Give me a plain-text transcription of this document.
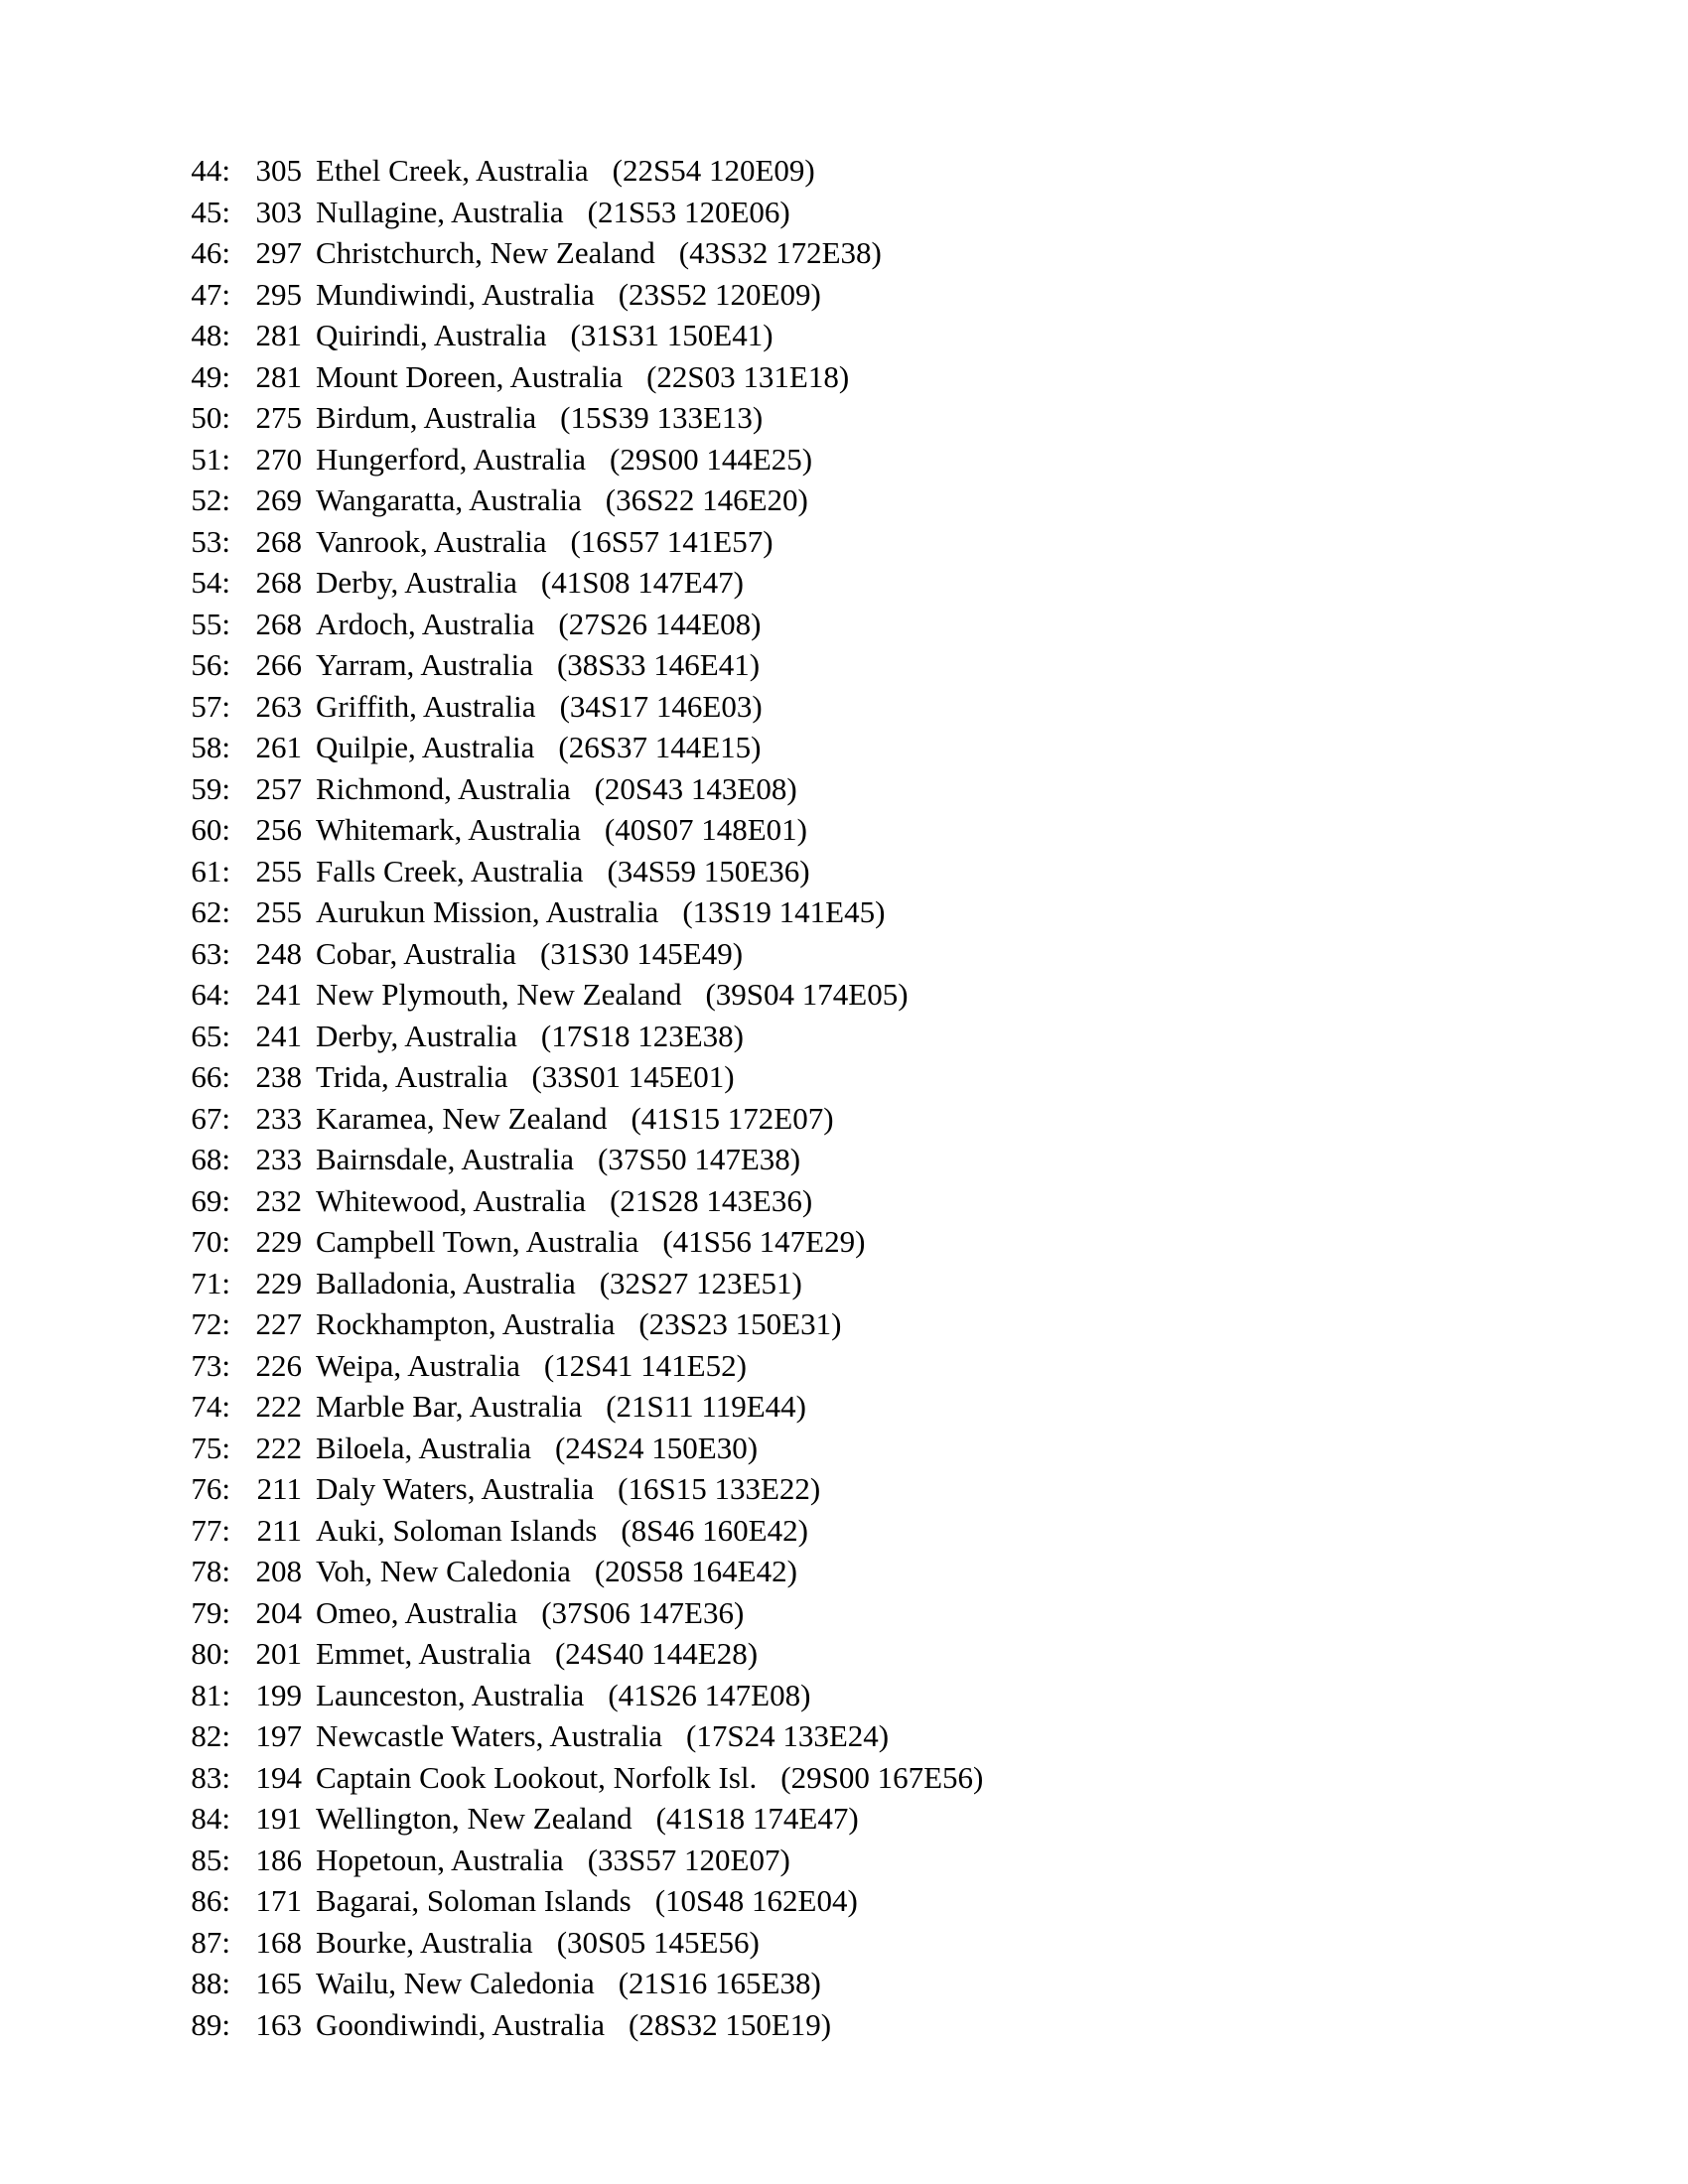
44: 305 Ethel Creek, Australia (22S54 120E09)
45: 303 Nullagine, Australia (21S53 120E06)
46: 297 Christchurch, New Zealand (43S32 172E38)
47: 295 Mundiwindi, Australia (23S52 120E09)
48: 281 Quirindi, Australia (31S31 150E41)
49: 281 Mount Doreen, Australia (22S03 131E18)
50: 275 Birdum, Australia (15S39 133E13)
51: 270 Hungerford, Australia (29S00 144E25)
52: 269 Wangaratta, Australia (36S22 146E20)
53: 268 Vanrook, Australia (16S57 141E57)
54: 268 Derby, Australia (41S08 147E47)
55: 268 Ardoch, Australia (27S26 144E08)
56: 266 Yarram, Australia (38S33 146E41)
57: 263 Griffith, Australia (34S17 146E03)
58: 261 Quilpie, Australia (26S37 144E15)
59: 257 Richmond, Australia (20S43 143E08)
60: 256 Whitemark, Australia (40S07 148E01)
61: 255 Falls Creek, Australia (34S59 150E36)
62: 255 Aurukun Mission, Australia (13S19 141E45)
63: 248 Cobar, Australia (31S30 145E49)
64: 241 New Plymouth, New Zealand (39S04 174E05)
65: 241 Derby, Australia (17S18 123E38)
66: 238 Trida, Australia (33S01 145E01)
67: 233 Karamea, New Zealand (41S15 172E07)
68: 233 Bairnsdale, Australia (37S50 147E38)
69: 232 Whitewood, Australia (21S28 143E36)
70: 229 Campbell Town, Australia (41S56 147E29)
71: 229 Balladonia, Australia (32S27 123E51)
72: 227 Rockhampton, Australia (23S23 150E31)
73: 226 Weipa, Australia (12S41 141E52)
74: 222 Marble Bar, Australia (21S11 119E44)
75: 222 Biloela, Australia (24S24 150E30)
76: 211 Daly Waters, Australia (16S15 133E22)
77: 211 Auki, Soloman Islands (8S46 160E42)
78: 208 Voh, New Caledonia (20S58 164E42)
79: 204 Omeo, Australia (37S06 147E36)
80: 201 Emmet, Australia (24S40 144E28)
81: 199 Launceston, Australia (41S26 147E08)
82: 197 Newcastle Waters, Australia (17S24 133E24)
83: 194 Captain Cook Lookout, Norfolk Isl. (29S00 167E56)
84: 191 Wellington, New Zealand (41S18 174E47)
85: 186 Hopetoun, Australia (33S57 120E07)
86: 171 Bagarai, Soloman Islands (10S48 162E04)
87: 168 Bourke, Australia (30S05 145E56)
88: 165 Wailu, New Caledonia (21S16 165E38)
89: 163 Goondiwindi, Australia (28S32 150E19)
